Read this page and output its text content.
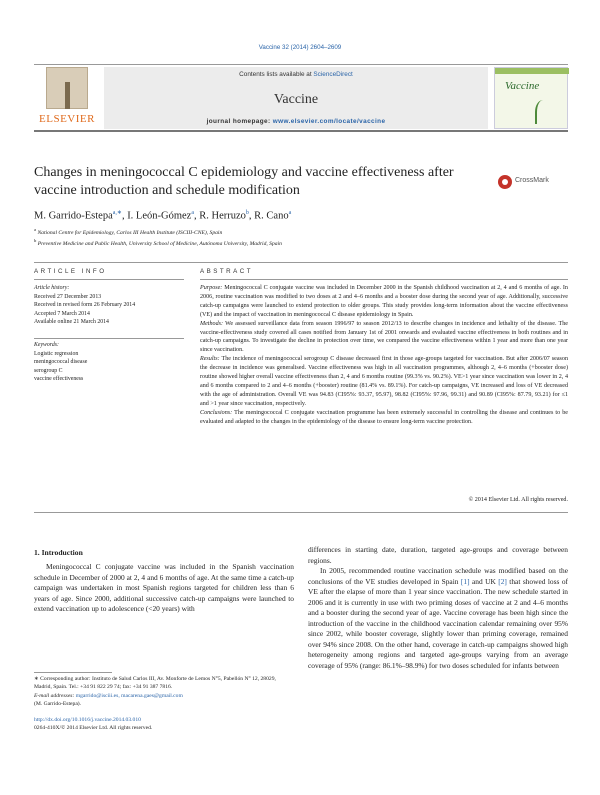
Vaccine 32 (2014) 2604–2609
ELSEVIER
Contents lists available at ScienceDirect
Vaccine
journal homepage: www.elsevier.com/locate/vaccine
Vaccine
Changes in meningococcal C epidemiology and vaccine effectiveness after vaccine introduction and schedule modification
CrossMark
M. Garrido-Estepa$^{a,∗}$, I. León-Gómez$^a$, R. Herruzo$^b$, R. Cano$^a$
$^a$ National Centre for Epidemiology, Carlos III Health Institute (ISCIII-CNE), Spain
$^b$ Preventive Medicine and Public Health, University School of Medicine, Autónoma University, Madrid, Spain
ARTICLE INFO	ABSTRACT
Article history:
Received 27 December 2013
Received in revised form 26 February 2014
Accepted 7 March 2014
Available online 21 March 2014
Keywords:
Logistic regression
meningococcal disease
serogroup C
vaccine effectiveness

Purpose: Meningococcal C conjugate vaccine was included in December 2000 in the Spanish childhood vaccination at 2, 4 and 6 months of age. In 2006, routine vaccination was modified to two doses at 2 and 4–6 months and a booster dose during the second year of age. Additionally, successive catch-up campaigns were launched to extend protection to older groups. This study provides long-term information about the vaccine effectiveness (VE) and the impact of vaccination in meningococcal C disease epidemiology in Spain.

Methods: We assessed surveillance data from season 1996/97 to season 2012/13 to describe changes in incidence and lethality of the disease. The vaccine-effectiveness study covered all cases notified from January 1st of 2001 onwards and evaluated vaccine effectiveness in both routines and in catch-up campaigns. To investigate the decline in protection over time, we compared the vaccine effectiveness within 1 year and more than one year since vaccination.

Results: The incidence of meningococcal serogroup C disease decreased first in those age-groups targeted for vaccination. But after 2006/07 season the decrease in incidence was generalised. Vaccine effectiveness was high in all vaccination programmes, although 2, 4–6 months (+booster dose) routine showed higher overall vaccine effectiveness than 2, 4 and 6 months routine (99.3% vs. 90.2%). VE>1 year since vaccination was lower in 2, 4 and 6 months compared to 2 and 4–6 months (+booster) routine (81.4% vs. 89.1%). For catch-up campaigns, VE increased and loss of VE decreased with the age of administration. Overall VE was 94.83 (CI95%: 93.37, 95.97), 98.82 (CI95%: 97.96, 99.31) and 90.89 (CI95%: 87.79, 93.21) for ≤1 and >1 year since vaccination, respectively.

Conclusions: The meningococcal C conjugate vaccination programme has been extremely successful in controlling the disease and continues to be evaluated and adapted to the changes in the epidemiology of the disease to ensure long-term vaccine protection.

© 2014 Elsevier Ltd. All rights reserved.
1. Introduction

Meningococcal C conjugate vaccine was included in the Spanish vaccination schedule in December of 2000 at 2, 4 and 6 months of age. At the same time a catch-up campaign was undertaken in most Spanish regions targeted for children less than 6 years of age. Since 2000, additional successive catch-up campaigns were launched to extend vaccination up to adolescence (<20 years) with

differences in starting date, duration, targeted age-groups and coverage between regions.

In 2005, recommended routine vaccination schedule was modified based on the conclusions of the VE studies developed in Spain [1] and UK [2] that showed loss of VE after the elapse of more than 1 year since vaccination. The new schedule started in 2006 and it is currently in use with two priming doses of vaccine at 2 and 4–6 months and a booster during the second year of age. Vaccine coverage has been high since the introduction of the vaccine in the childhood vaccination calendar remaining over 95% since 2002, while booster coverage, slightly lower than priming coverage, remained over 94% since 2008. On the other hand, coverage in catch-up campaigns showed high heterogeneity among regions and targeted age-groups varying from an average coverage of 95% (range: 86.1%–98.9%) for two doses scheduled for infants between

∗ Corresponding author: Instituto de Salud Carlos III, Av. Monforte de Lemos N°5, Pabellón N° 12, 28029, Madrid, Spain. Tel.: +34 91 822 29 74; fax: +34 91 387 7816.
E-mail addresses: mgarrido@isciii.es, macarena.gaes@gmail.com
(M. Garrido-Estepa).
http://dx.doi.org/10.1016/j.vaccine.2014.03.010
0264-410X/© 2014 Elsevier Ltd. All rights reserved.
